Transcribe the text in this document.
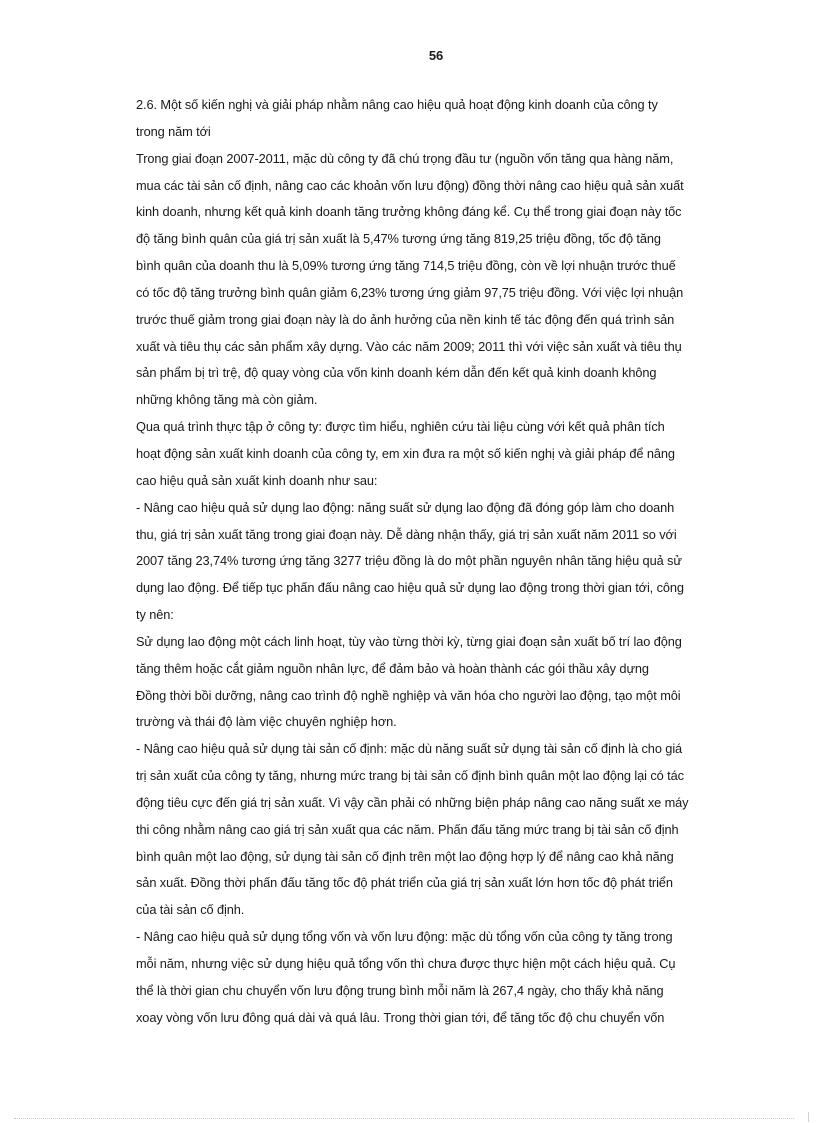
56
2.6. Một số kiến nghị và giải pháp nhằm nâng cao hiệu quả hoạt động kinh doanh của công ty
trong năm tới
Trong giai đoạn 2007-2011, mặc dù công ty đã chú trọng đầu tư (nguồn vốn tăng qua hàng năm,
mua các tài sản cố định, nâng cao các khoản vốn lưu động) đồng thời nâng cao hiệu quả sản xuất
kinh doanh, nhưng kết quả kinh doanh tăng trưởng không đáng kể. Cụ thể trong giai đoạn này tốc
độ tăng bình quân của giá trị sản xuất là 5,47% tương ứng tăng 819,25 triệu đồng, tốc độ tăng
bình quân của doanh thu là 5,09% tương ứng tăng 714,5 triệu đồng, còn về lợi nhuận trước thuế
có tốc độ tăng trưởng bình quân giảm 6,23% tương ứng giảm 97,75 triệu đồng. Với việc lợi nhuận
trước thuế giảm trong giai đoạn này là do ảnh hưởng của nền kinh tế tác động đến quá trình sản
xuất và tiêu thụ các sản phẩm xây dựng. Vào các năm 2009; 2011 thì với việc sản xuất và tiêu thụ
sản phẩm bị trì trệ, độ quay vòng của vốn kinh doanh kém dẫn đến kết quả kinh doanh không
những không tăng mà còn giảm.
Qua quá trình thực tập ở công ty: được tìm hiểu, nghiên cứu tài liệu cùng với kết quả phân tích
hoạt động sản xuất kinh doanh của công ty, em xin đưa ra một số kiến nghị và giải pháp để nâng
cao hiệu quả sản xuất kinh doanh như sau:
- Nâng cao hiệu quả sử dụng lao động: năng suất sử dụng lao động đã đóng góp làm cho doanh
thu, giá trị sản xuất tăng trong giai đoạn này. Dễ dàng nhận thấy, giá trị sản xuất năm 2011 so với
2007 tăng 23,74% tương ứng tăng 3277 triệu đồng là do một phần nguyên nhân tăng hiệu quả sử
dụng lao động. Để tiếp tục phấn đấu nâng cao hiệu quả sử dụng lao động trong thời gian tới, công
ty nên:
Sử dụng lao động một cách linh hoạt, tùy vào từng thời kỳ, từng giai đoạn sản xuất bố trí lao động
tăng thêm hoặc cắt giảm nguồn nhân lực, để đảm bảo và hoàn thành các gói thầu xây dựng
Đồng thời bồi dưỡng, nâng cao trình độ nghề nghiệp và văn hóa cho người lao động, tạo một môi
trường và thái độ làm việc chuyên nghiệp hơn.
- Nâng cao hiệu quả sử dụng tài sản cố định: mặc dù năng suất sử dụng tài sản cố định là cho giá
trị sản xuất của công ty tăng, nhưng mức trang bị tài sản cố định bình quân một lao động lại có tác
động tiêu cực đến giá trị sản xuất. Vì vậy cần phải có những biện pháp nâng cao năng suất xe máy
thi công nhằm nâng cao giá trị sản xuất qua các năm. Phấn đấu tăng mức trang bị tài sản cố định
bình quân một lao động, sử dụng tài sản cố định trên một lao động hợp lý để nâng cao khả năng
sản xuất. Đồng thời phấn đấu tăng tốc độ phát triển của giá trị sản xuất lớn hơn tốc độ phát triển
của tài sản cố định.
- Nâng cao hiệu quả sử dụng tổng vốn và vốn lưu động: mặc dù tổng vốn của công ty tăng trong
mỗi năm, nhưng việc sử dụng hiệu quả tổng vốn thì chưa được thực hiện một cách hiệu quả. Cụ
thể là thời gian chu chuyển vốn lưu động trung bình mỗi năm là 267,4 ngày, cho thấy khả năng
xoay vòng vốn lưu đông quá dài và quá lâu. Trong thời gian tới, để tăng tốc độ chu chuyển vốn
